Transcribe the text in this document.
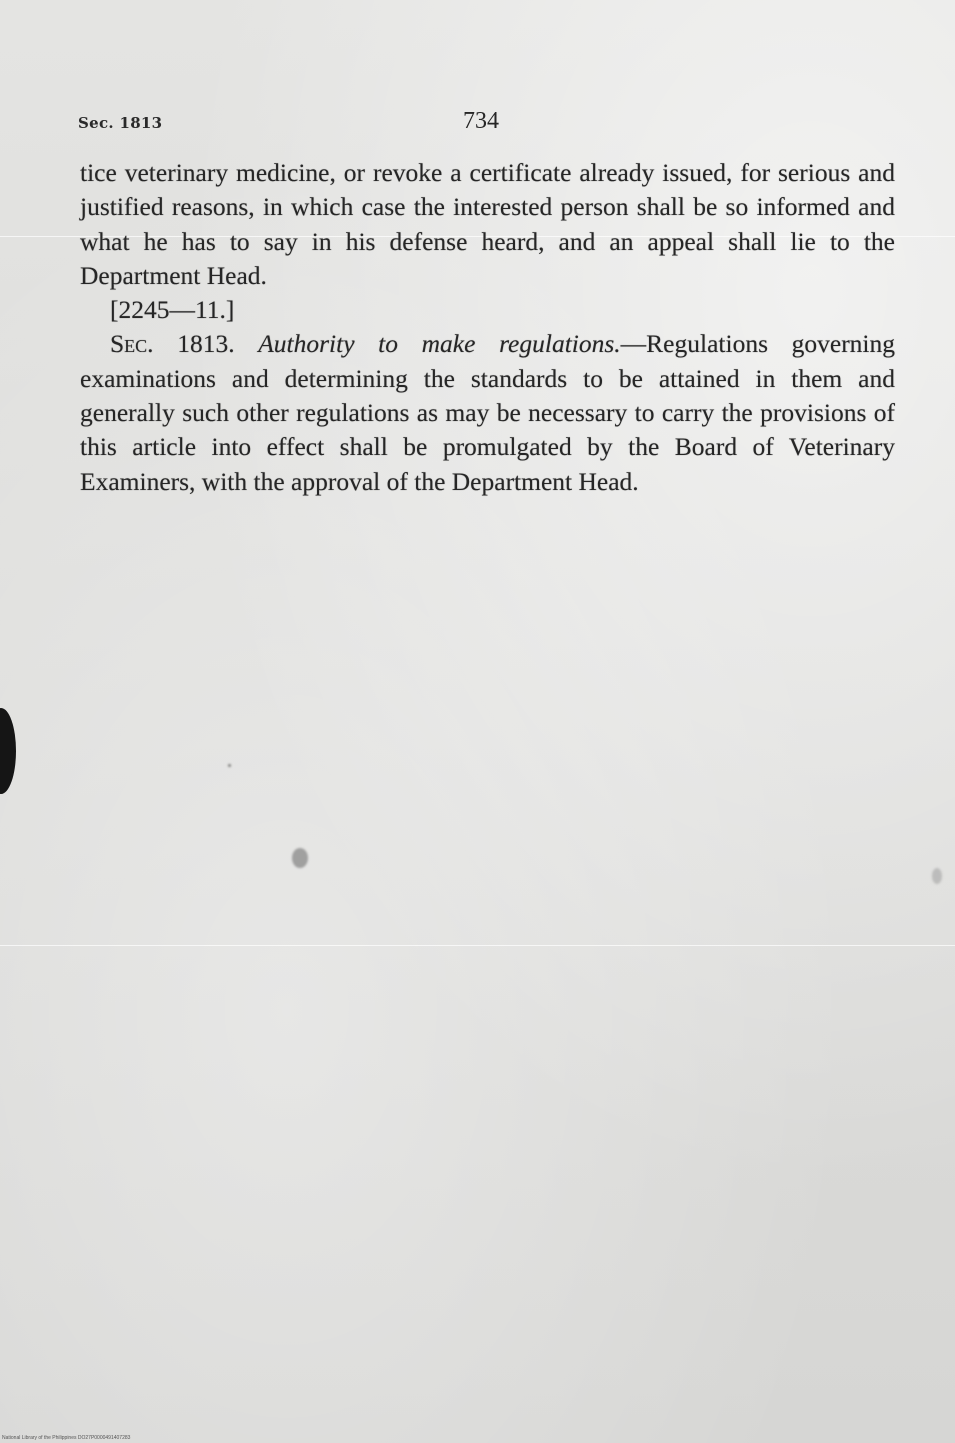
Sec. 1813	734

tice veterinary medicine, or revoke a certificate already issued, for serious and justified reasons, in which case the interested person shall be so informed and what he has to say in his defense heard, and an appeal shall lie to the Department Head.

[2245—11.]

Sec. 1813. Authority to make regulations.—Regulations governing examinations and determining the standards to be attained in them and generally such other regulations as may be necessary to carry the provisions of this article into effect shall be promulgated by the Board of Veterinary Examiners, with the approval of the Department Head.

National Library of the Philippines DO27P0000491407283
